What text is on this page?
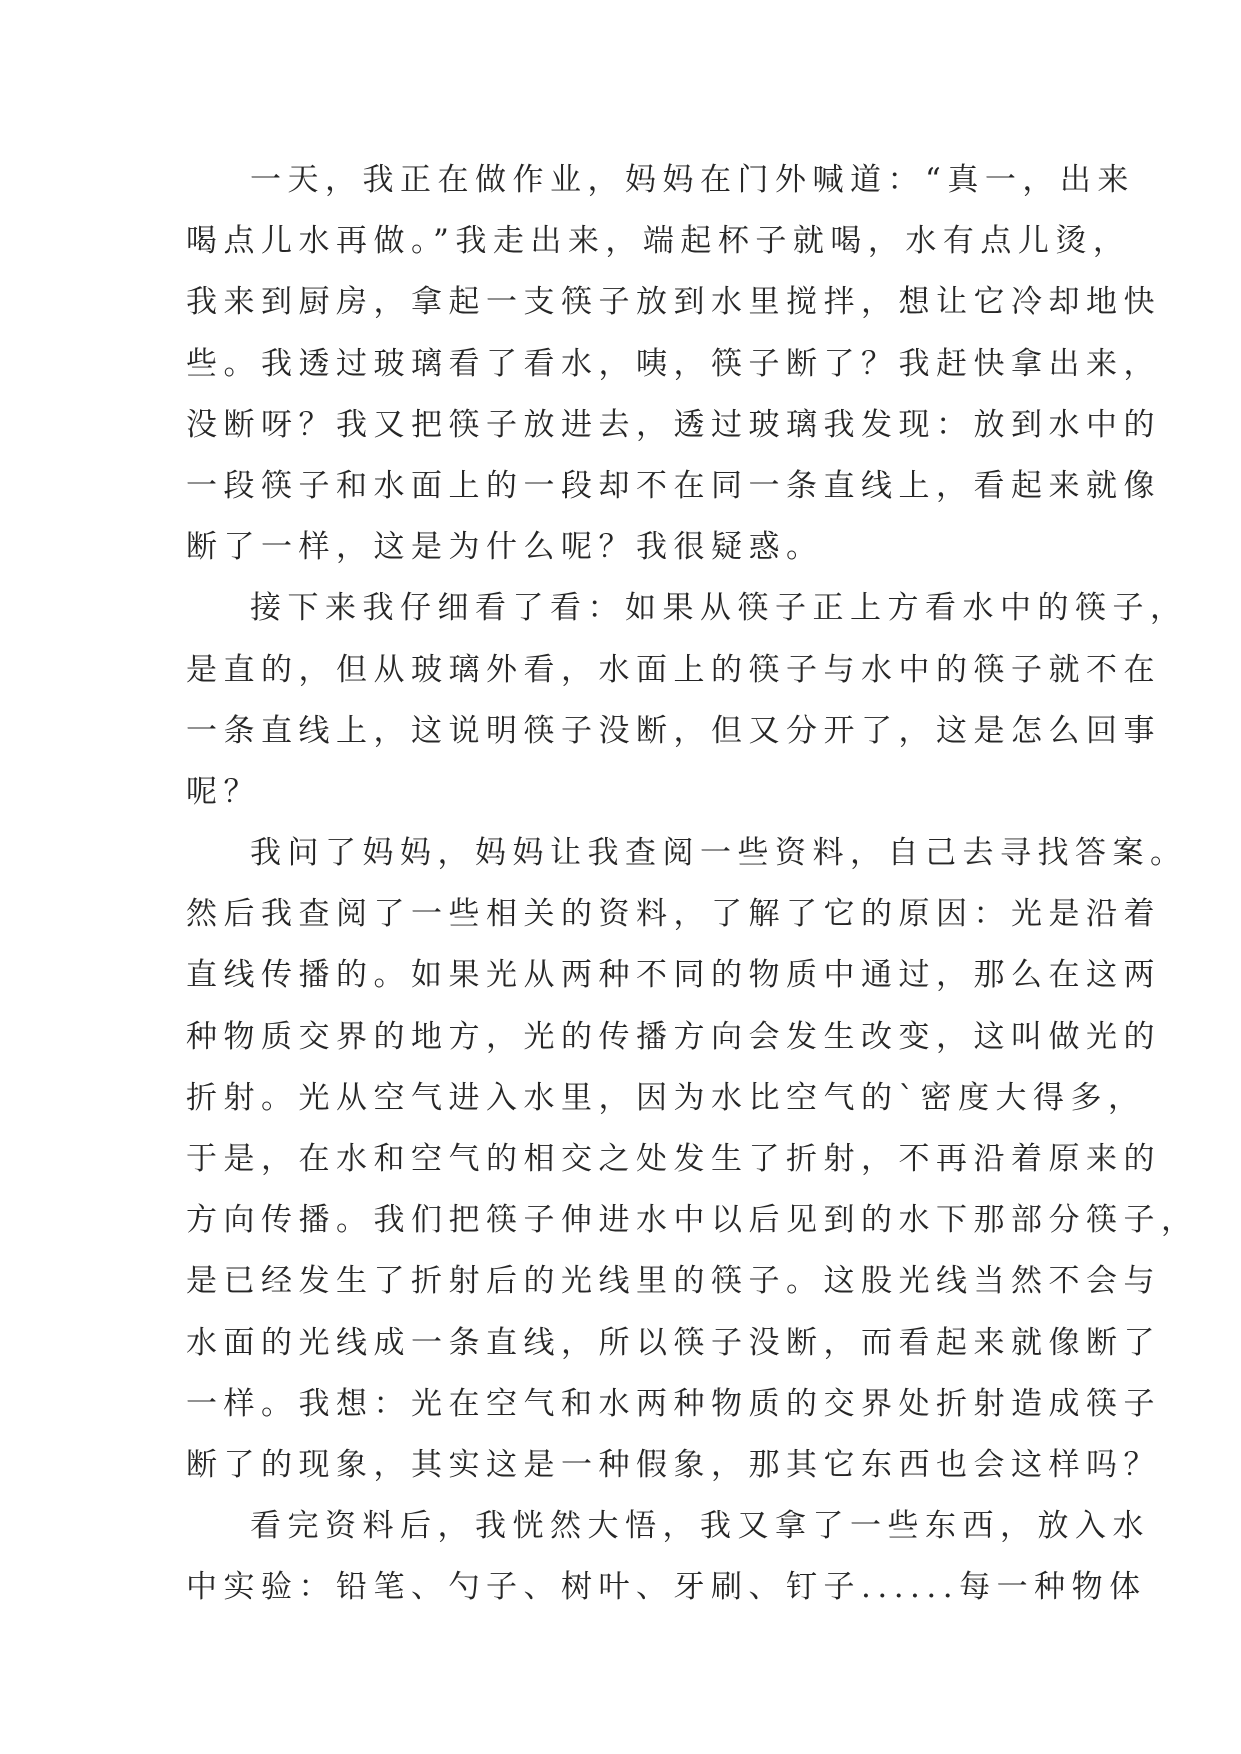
一天，我正在做作业，妈妈在门外喊道：“真一，出来
喝点儿水再做。”我走出来，端起杯子就喝，水有点儿烫，
我来到厨房，拿起一支筷子放到水里搅拌，想让它冷却地快
些。我透过玻璃看了看水，咦，筷子断了？我赶快拿出来，
没断呀？我又把筷子放进去，透过玻璃我发现：放到水中的
一段筷子和水面上的一段却不在同一条直线上，看起来就像
断了一样，这是为什么呢？我很疑惑。
接下来我仔细看了看：如果从筷子正上方看水中的筷子，
是直的，但从玻璃外看，水面上的筷子与水中的筷子就不在
一条直线上，这说明筷子没断，但又分开了，这是怎么回事
呢？
我问了妈妈，妈妈让我查阅一些资料，自己去寻找答案。
然后我查阅了一些相关的资料，了解了它的原因：光是沿着
直线传播的。如果光从两种不同的物质中通过，那么在这两
种物质交界的地方，光的传播方向会发生改变，这叫做光的
折射。光从空气进入水里，因为水比空气的`密度大得多，
于是，在水和空气的相交之处发生了折射，不再沿着原来的
方向传播。我们把筷子伸进水中以后见到的水下那部分筷子，
是已经发生了折射后的光线里的筷子。这股光线当然不会与
水面的光线成一条直线，所以筷子没断，而看起来就像断了
一样。我想：光在空气和水两种物质的交界处折射造成筷子
断了的现象，其实这是一种假象，那其它东西也会这样吗？
看完资料后，我恍然大悟，我又拿了一些东西，放入水
中实验：铅笔、勺子、树叶、牙刷、钉子......每一种物体
